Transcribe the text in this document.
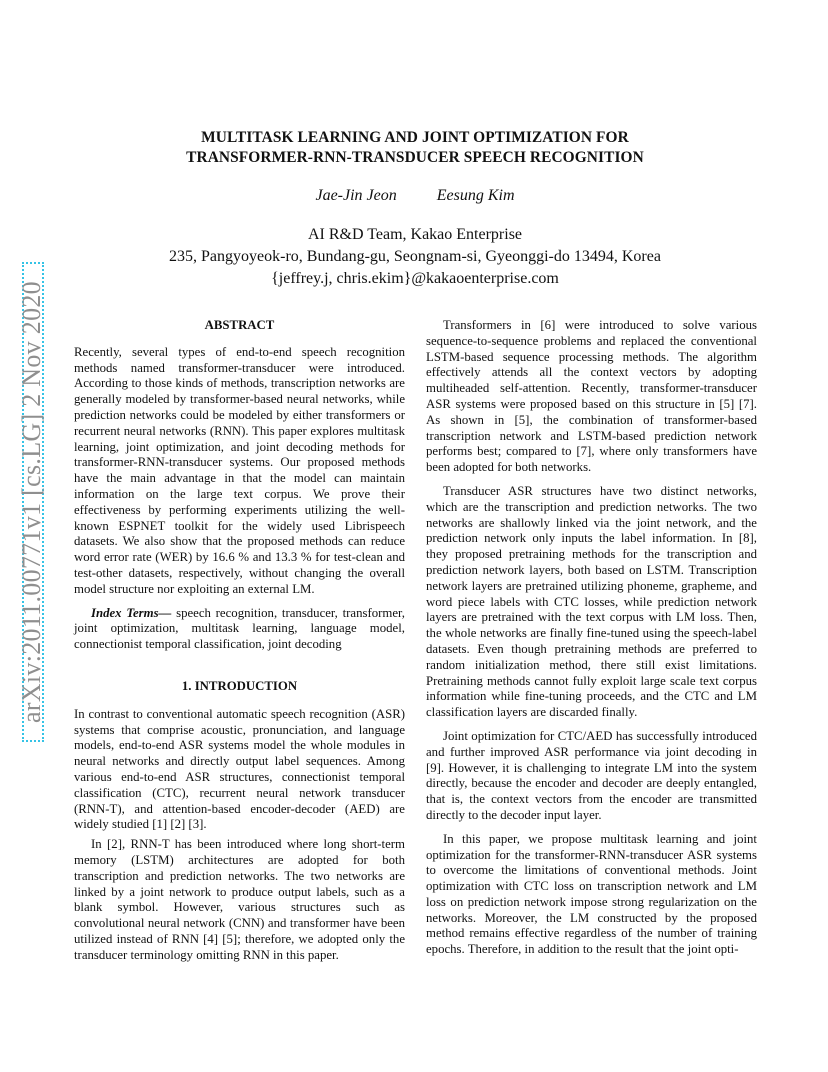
arXiv:2011.00771v1 [cs.LG] 2 Nov 2020
MULTITASK LEARNING AND JOINT OPTIMIZATION FOR
TRANSFORMER-RNN-TRANSDUCER SPEECH RECOGNITION
Jae-Jin Jeon	Eesung Kim
AI R&D Team, Kakao Enterprise
235, Pangyoyeok-ro, Bundang-gu, Seongnam-si, Gyeonggi-do 13494, Korea
{jeffrey.j, chris.ekim}@kakaoenterprise.com
ABSTRACT

Recently, several types of end-to-end speech recognition methods named transformer-transducer were introduced. According to those kinds of methods, transcription networks are generally modeled by transformer-based neural networks, while prediction networks could be modeled by either transformers or recurrent neural networks (RNN). This paper explores multitask learning, joint optimization, and joint decoding methods for transformer-RNN-transducer systems. Our proposed methods have the main advantage in that the model can maintain information on the large text corpus. We prove their effectiveness by performing experiments utilizing the well-known ESPNET toolkit for the widely used Librispeech datasets. We also show that the proposed methods can reduce word error rate (WER) by 16.6 % and 13.3 % for test-clean and test-other datasets, respectively, without changing the overall model structure nor exploiting an external LM.

Index Terms— speech recognition, transducer, transformer, joint optimization, multitask learning, language model, connectionist temporal classification, joint decoding

1. INTRODUCTION

In contrast to conventional automatic speech recognition (ASR) systems that comprise acoustic, pronunciation, and language models, end-to-end ASR systems model the whole modules in neural networks and directly output label sequences. Among various end-to-end ASR structures, connectionist temporal classification (CTC), recurrent neural network transducer (RNN-T), and attention-based encoder-decoder (AED) are widely studied [1] [2] [3].

In [2], RNN-T has been introduced where long short-term memory (LSTM) architectures are adopted for both transcription and prediction networks. The two networks are linked by a joint network to produce output labels, such as a blank symbol. However, various structures such as convolutional neural network (CNN) and transformer have been utilized instead of RNN [4] [5]; therefore, we adopted only the transducer terminology omitting RNN in this paper.

Transformers in [6] were introduced to solve various sequence-to-sequence problems and replaced the conventional LSTM-based sequence processing methods. The algorithm effectively attends all the context vectors by adopting multiheaded self-attention. Recently, transformer-transducer ASR systems were proposed based on this structure in [5] [7]. As shown in [5], the combination of transformer-based transcription network and LSTM-based prediction network performs best; compared to [7], where only transformers have been adopted for both networks.

Transducer ASR structures have two distinct networks, which are the transcription and prediction networks. The two networks are shallowly linked via the joint network, and the prediction network only inputs the label information. In [8], they proposed pretraining methods for the transcription and prediction network layers, both based on LSTM. Transcription network layers are pretrained utilizing phoneme, grapheme, and word piece labels with CTC losses, while prediction network layers are pretrained with the text corpus with LM loss. Then, the whole networks are finally fine-tuned using the speech-label datasets. Even though pretraining methods are preferred to random initialization method, there still exist limitations. Pretraining methods cannot fully exploit large scale text corpus information while fine-tuning proceeds, and the CTC and LM classification layers are discarded finally.

Joint optimization for CTC/AED has successfully introduced and further improved ASR performance via joint decoding in [9]. However, it is challenging to integrate LM into the system directly, because the encoder and decoder are deeply entangled, that is, the context vectors from the encoder are transmitted directly to the decoder input layer.

In this paper, we propose multitask learning and joint optimization for the transformer-RNN-transducer ASR systems to overcome the limitations of conventional methods. Joint optimization with CTC loss on transcription network and LM loss on prediction network impose strong regularization on the networks. Moreover, the LM constructed by the proposed method remains effective regardless of the number of training epochs. Therefore, in addition to the result that the joint opti-
